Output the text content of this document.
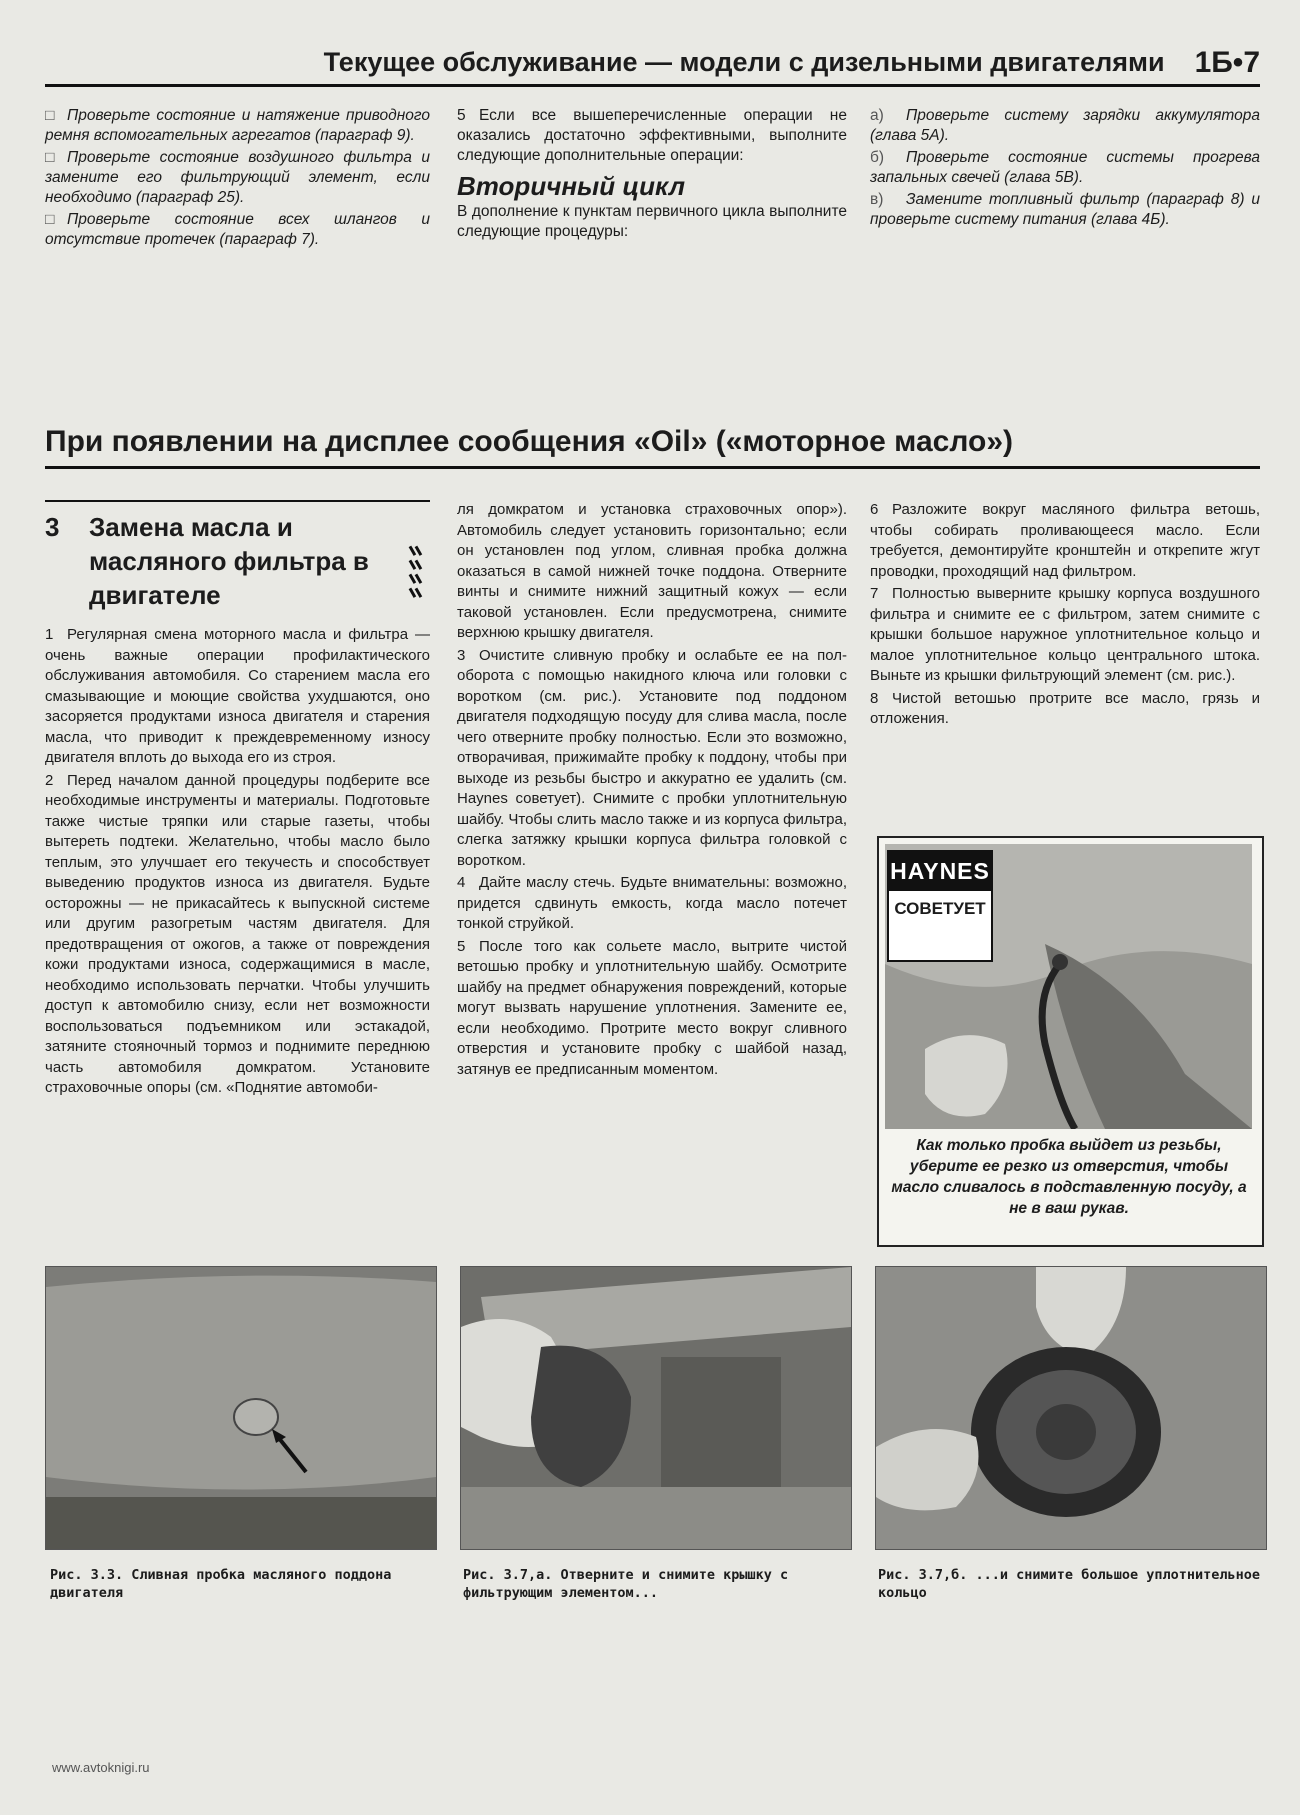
Текущее обслуживание — модели с дизельными двигателями 1Б•7

□ Проверьте состояние и натяжение приводного ремня вспомогательных агрегатов (параграф 9).

□ Проверьте состояние воздушного фильтра и замените его фильтрующий элемент, если необходимо (параграф 25).

□ Проверьте состояние всех шлангов и отсутствие протечек (параграф 7).

5 Если все вышеперечисленные операции не оказались достаточно эффективными, выполните следующие дополнительные операции:

Вторичный цикл

В дополнение к пунктам первичного цикла выполните следующие процедуры:

а) Проверьте систему зарядки аккумулятора (глава 5А).

б) Проверьте состояние системы прогрева запальных свечей (глава 5В).

в) Замените топливный фильтр (параграф 8) и проверьте систему питания (глава 4Б).

При появлении на дисплее сообщения «Oil» («моторное масло»)
3 Замена масла и масляного фильтра в двигателе

1 Регулярная смена моторного масла и фильтра — очень важные операции профилактического обслуживания автомобиля. Со старением масла его смазывающие и моющие свойства ухудшаются, оно засоряется продуктами износа двигателя и старения масла, что приводит к преждевременному износу двигателя вплоть до выхода его из строя.

2 Перед началом данной процедуры подберите все необходимые инструменты и материалы. Подготовьте также чистые тряпки или старые газеты, чтобы вытереть подтеки. Желательно, чтобы масло было теплым, это улучшает его текучесть и способствует выведению продуктов износа из двигателя. Будьте осторожны — не прикасайтесь к выпускной системе или другим разогретым частям двигателя. Для предотвращения от ожогов, а также от повреждения кожи продуктами износа, содержащимися в масле, необходимо использовать перчатки. Чтобы улучшить доступ к автомобилю снизу, если нет возможности воспользоваться подъемником или эстакадой, затяните стояночный тормоз и поднимите переднюю часть автомобиля домкратом. Установите страховочные опоры (см. «Поднятие автомоби-

ля домкратом и установка страховочных опор»). Автомобиль следует установить горизонтально; если он установлен под углом, сливная пробка должна оказаться в самой нижней точке поддона. Отверните винты и снимите нижний защитный кожух — если таковой установлен. Если предусмотрена, снимите верхнюю крышку двигателя.

3 Очистите сливную пробку и ослабьте ее на пол-оборота с помощью накидного ключа или головки с воротком (см. рис.). Установите под поддоном двигателя подходящую посуду для слива масла, после чего отверните пробку полностью. Если это возможно, отворачивая, прижимайте пробку к поддону, чтобы при выходе из резьбы быстро и аккуратно ее удалить (см. Haynes советует). Снимите с пробки уплотнительную шайбу. Чтобы слить масло также и из корпуса фильтра, слегка затяжку крышки корпуса фильтра головкой с воротком.

4 Дайте маслу стечь. Будьте внимательны: возможно, придется сдвинуть емкость, когда масло потечет тонкой струйкой.

5 После того как сольете масло, вытрите чистой ветошью пробку и уплотнительную шайбу. Осмотрите шайбу на предмет обнаружения повреждений, которые могут вызвать нарушение уплотнения. Замените ее, если необходимо. Протрите место вокруг сливного отверстия и установите пробку с шайбой назад, затянув ее предписанным моментом.

6 Разложите вокруг масляного фильтра ветошь, чтобы собирать проливающееся масло. Если требуется, демонтируйте кронштейн и открепите жгут проводки, проходящий над фильтром.

7 Полностью выверните крышку корпуса воздушного фильтра и снимите ее с фильтром, затем снимите с крышки большое наружное уплотнительное кольцо и малое уплотнительное кольцо центрального штока. Выньте из крышки фильтрующий элемент (см. рис.).

8 Чистой ветошью протрите все масло, грязь и отложения.

HAYNES
СОВЕТУЕТ
Как только пробка выйдет из резьбы, уберите ее резко из отверстия, чтобы масло сливалось в подставленную посуду, а не в ваш рукав.
Рис. 3.3. Сливная пробка масляного поддона двигателя
Рис. 3.7,а. Отверните и снимите крышку с фильтрующим элементом...
Рис. 3.7,б. ...и снимите большое уплотнительное кольцо
www.avtoknigi.ru
